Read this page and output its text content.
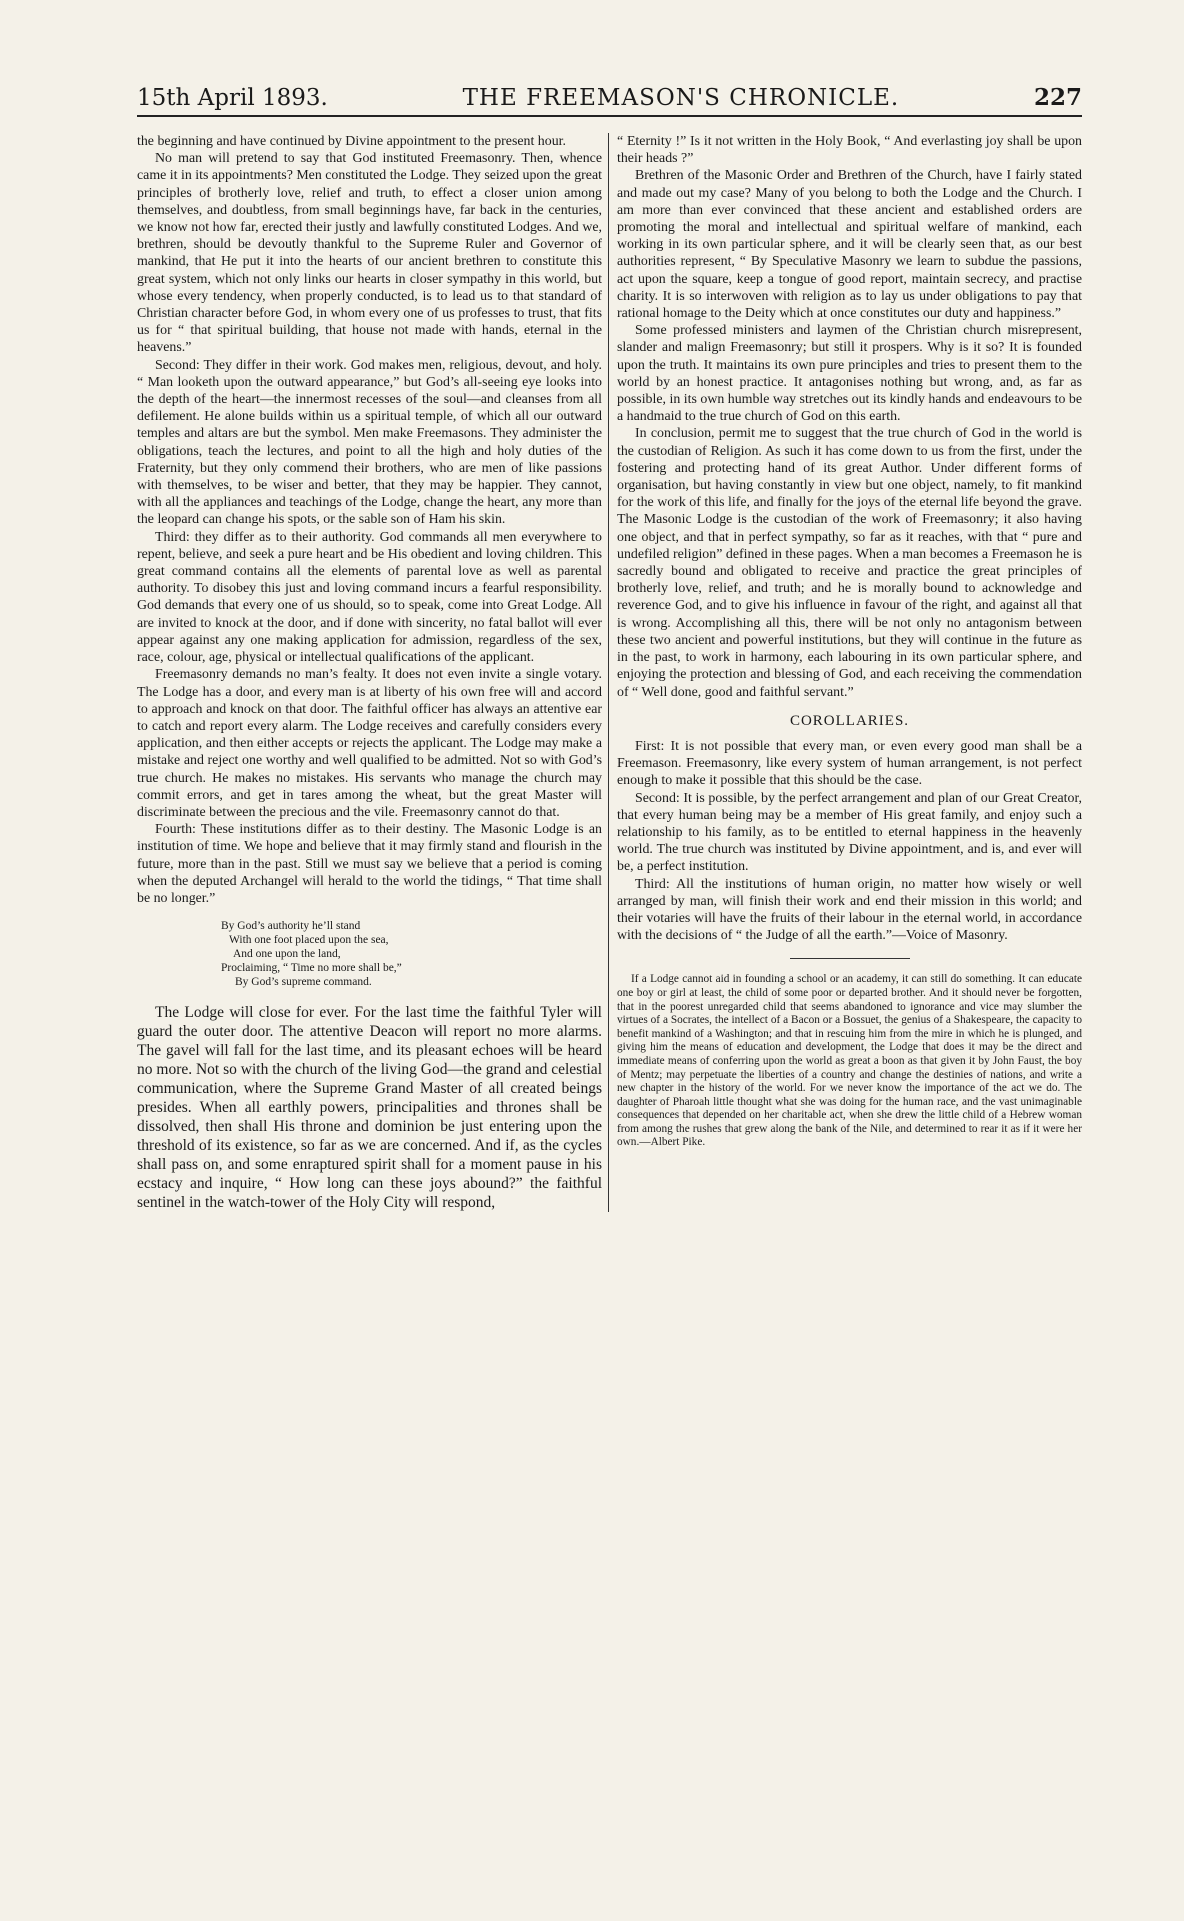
15th April 1893.	THE FREEMASON'S CHRONICLE.	227

the beginning and have continued by Divine appointment to the present hour.

No man will pretend to say that God instituted Freemasonry. Then, whence came it in its appointments? Men constituted the Lodge. They seized upon the great principles of brotherly love, relief and truth, to effect a closer union among themselves, and doubtless, from small beginnings have, far back in the centuries, we know not how far, erected their justly and lawfully constituted Lodges. And we, brethren, should be devoutly thankful to the Supreme Ruler and Governor of mankind, that He put it into the hearts of our ancient brethren to constitute this great system, which not only links our hearts in closer sympathy in this world, but whose every tendency, when properly conducted, is to lead us to that standard of Christian character before God, in whom every one of us professes to trust, that fits us for “ that spiritual building, that house not made with hands, eternal in the heavens.”

Second: They differ in their work. God makes men, religious, devout, and holy. “ Man looketh upon the outward appearance,” but God’s all-seeing eye looks into the depth of the heart—the innermost recesses of the soul—and cleanses from all defilement. He alone builds within us a spiritual temple, of which all our outward temples and altars are but the symbol. Men make Freemasons. They administer the obligations, teach the lectures, and point to all the high and holy duties of the Fraternity, but they only commend their brothers, who are men of like passions with themselves, to be wiser and better, that they may be happier. They cannot, with all the appliances and teachings of the Lodge, change the heart, any more than the leopard can change his spots, or the sable son of Ham his skin.

Third: they differ as to their authority. God commands all men everywhere to repent, believe, and seek a pure heart and be His obedient and loving children. This great command contains all the elements of parental love as well as parental authority. To disobey this just and loving command incurs a fearful responsibility. God demands that every one of us should, so to speak, come into Great Lodge. All are invited to knock at the door, and if done with sincerity, no fatal ballot will ever appear against any one making application for admission, regardless of the sex, race, colour, age, physical or intellectual qualifications of the applicant.

Freemasonry demands no man’s fealty. It does not even invite a single votary. The Lodge has a door, and every man is at liberty of his own free will and accord to approach and knock on that door. The faithful officer has always an attentive ear to catch and report every alarm. The Lodge receives and carefully considers every application, and then either accepts or rejects the applicant. The Lodge may make a mistake and reject one worthy and well qualified to be admitted. Not so with God’s true church. He makes no mistakes. His servants who manage the church may commit errors, and get in tares among the wheat, but the great Master will discriminate between the precious and the vile. Freemasonry cannot do that.

Fourth: These institutions differ as to their destiny. The Masonic Lodge is an institution of time. We hope and believe that it may firmly stand and flourish in the future, more than in the past. Still we must say we believe that a period is coming when the deputed Archangel will herald to the world the tidings, “ That time shall be no longer.”

By God’s authority he’ll stand
With one foot placed upon the sea,
And one upon the land,
Proclaiming, “ Time no more shall be,”
By God’s supreme command.

The Lodge will close for ever. For the last time the faithful Tyler will guard the outer door. The attentive Deacon will report no more alarms. The gavel will fall for the last time, and its pleasant echoes will be heard no more. Not so with the church of the living God—the grand and celestial communication, where the Supreme Grand Master of all created beings presides. When all earthly powers, principalities and thrones shall be dissolved, then shall His throne and dominion be just entering upon the threshold of its existence, so far as we are concerned. And if, as the cycles shall pass on, and some enraptured spirit shall for a moment pause in his ecstacy and inquire, “ How long can these joys abound?” the faithful sentinel in the watch-tower of the Holy City will respond,

“ Eternity !” Is it not written in the Holy Book, “ And everlasting joy shall be upon their heads ?”

Brethren of the Masonic Order and Brethren of the Church, have I fairly stated and made out my case? Many of you belong to both the Lodge and the Church. I am more than ever convinced that these ancient and established orders are promoting the moral and intellectual and spiritual welfare of mankind, each working in its own particular sphere, and it will be clearly seen that, as our best authorities represent, “ By Speculative Masonry we learn to subdue the passions, act upon the square, keep a tongue of good report, maintain secrecy, and practise charity. It is so interwoven with religion as to lay us under obligations to pay that rational homage to the Deity which at once constitutes our duty and happiness.”

Some professed ministers and laymen of the Christian church misrepresent, slander and malign Freemasonry; but still it prospers. Why is it so? It is founded upon the truth. It maintains its own pure principles and tries to present them to the world by an honest practice. It antagonises nothing but wrong, and, as far as possible, in its own humble way stretches out its kindly hands and endeavours to be a handmaid to the true church of God on this earth.

In conclusion, permit me to suggest that the true church of God in the world is the custodian of Religion. As such it has come down to us from the first, under the fostering and protecting hand of its great Author. Under different forms of organisation, but having constantly in view but one object, namely, to fit mankind for the work of this life, and finally for the joys of the eternal life beyond the grave. The Masonic Lodge is the custodian of the work of Freemasonry; it also having one object, and that in perfect sympathy, so far as it reaches, with that “ pure and undefiled religion” defined in these pages. When a man becomes a Freemason he is sacredly bound and obligated to receive and practice the great principles of brotherly love, relief, and truth; and he is morally bound to acknowledge and reverence God, and to give his influence in favour of the right, and against all that is wrong. Accomplishing all this, there will be not only no antagonism between these two ancient and powerful institutions, but they will continue in the future as in the past, to work in harmony, each labouring in its own particular sphere, and enjoying the protection and blessing of God, and each receiving the commendation of “ Well done, good and faithful servant.”

COROLLARIES.

First: It is not possible that every man, or even every good man shall be a Freemason. Freemasonry, like every system of human arrangement, is not perfect enough to make it possible that this should be the case.

Second: It is possible, by the perfect arrangement and plan of our Great Creator, that every human being may be a member of His great family, and enjoy such a relationship to his family, as to be entitled to eternal happiness in the heavenly world. The true church was instituted by Divine appointment, and is, and ever will be, a perfect institution.

Third: All the institutions of human origin, no matter how wisely or well arranged by man, will finish their work and end their mission in this world; and their votaries will have the fruits of their labour in the eternal world, in accordance with the decisions of “ the Judge of all the earth.”—Voice of Masonry.

If a Lodge cannot aid in founding a school or an academy, it can still do something. It can educate one boy or girl at least, the child of some poor or departed brother. And it should never be forgotten, that in the poorest unregarded child that seems abandoned to ignorance and vice may slumber the virtues of a Socrates, the intellect of a Bacon or a Bossuet, the genius of a Shakespeare, the capacity to benefit mankind of a Washington; and that in rescuing him from the mire in which he is plunged, and giving him the means of education and development, the Lodge that does it may be the direct and immediate means of conferring upon the world as great a boon as that given it by John Faust, the boy of Mentz; may perpetuate the liberties of a country and change the destinies of nations, and write a new chapter in the history of the world. For we never know the importance of the act we do. The daughter of Pharoah little thought what she was doing for the human race, and the vast unimaginable consequences that depended on her charitable act, when she drew the little child of a Hebrew woman from among the rushes that grew along the bank of the Nile, and determined to rear it as if it were her own.—Albert Pike.
